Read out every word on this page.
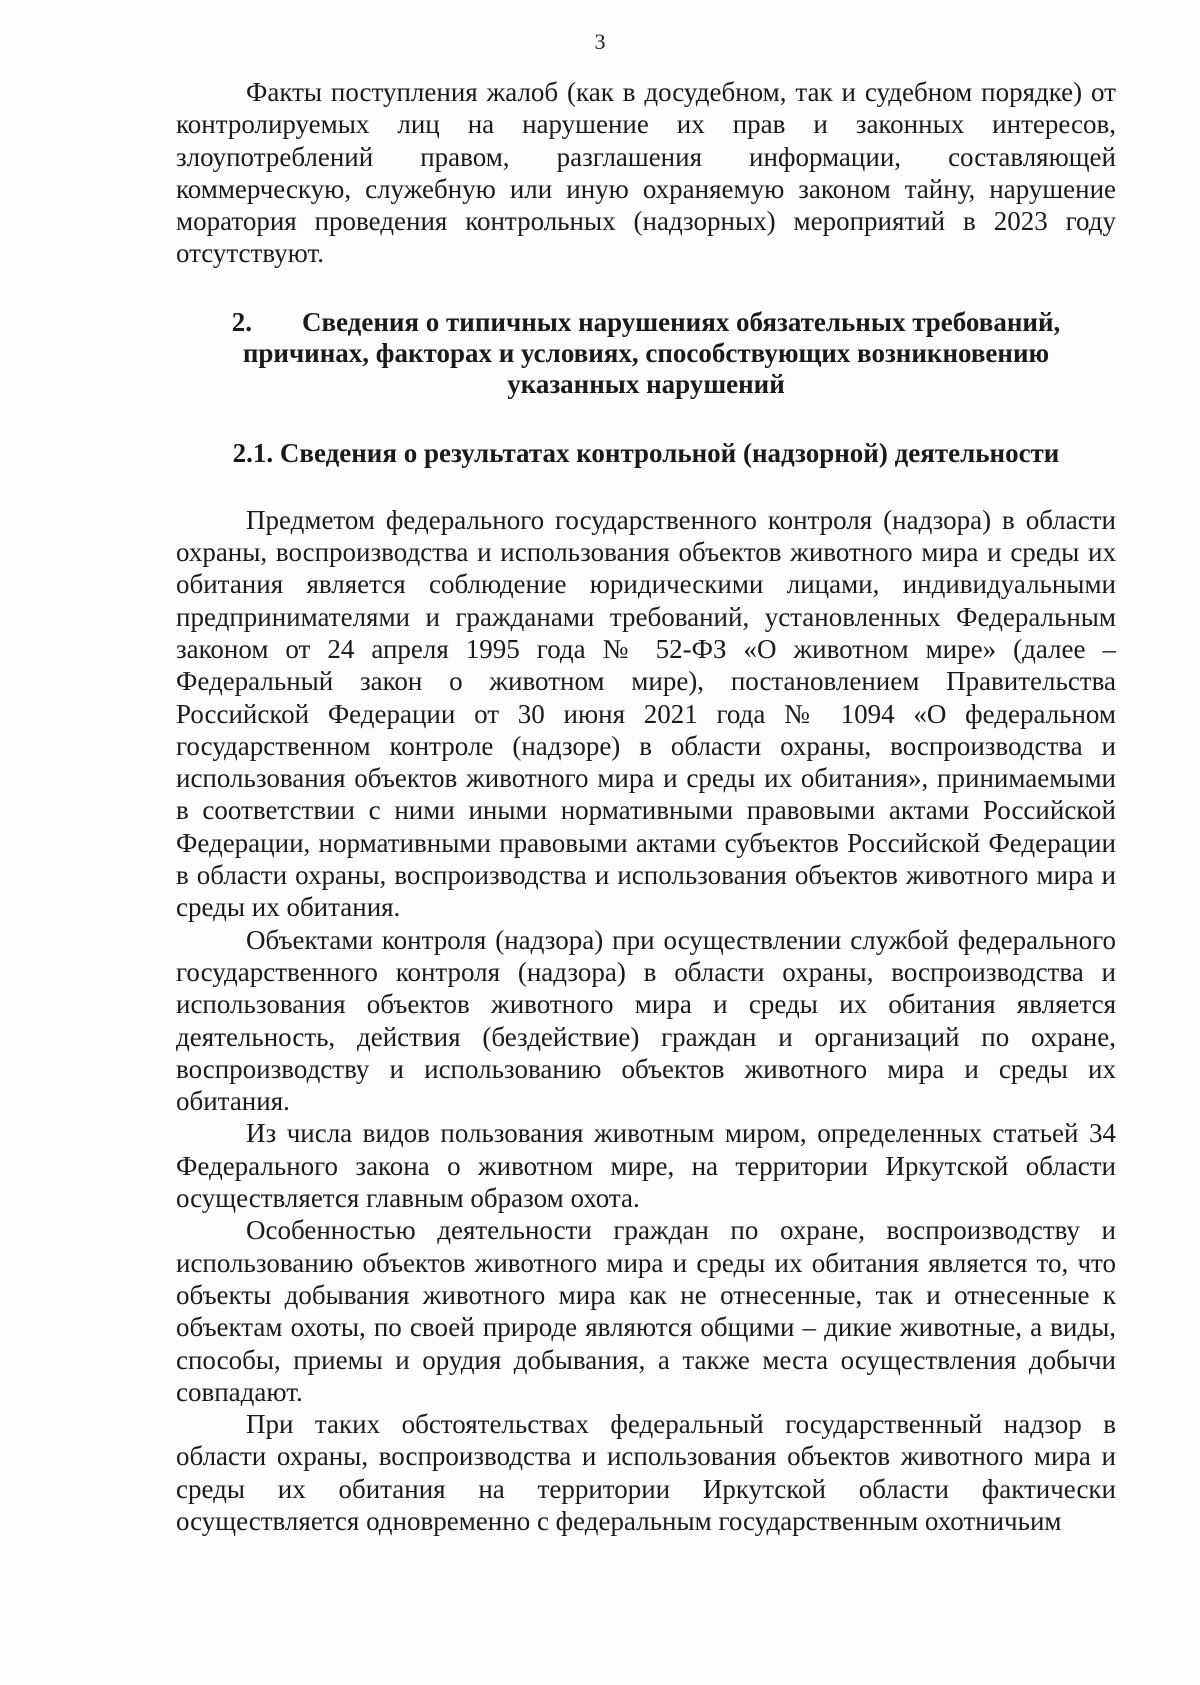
3

Факты поступления жалоб (как в досудебном, так и судебном порядке) от контролируемых лиц на нарушение их прав и законных интересов, злоупотреблений правом, разглашения информации, составляющей коммерческую, служебную или иную охраняемую законом тайну, нарушение моратория проведения контрольных (надзорных) мероприятий в 2023 году отсутствуют.

2. Сведения о типичных нарушениях обязательных требований, причинах, факторах и условиях, способствующих возникновению указанных нарушений
2.1. Сведения о результатах контрольной (надзорной) деятельности

Предметом федерального государственного контроля (надзора) в области охраны, воспроизводства и использования объектов животного мира и среды их обитания является соблюдение юридическими лицами, индивидуальными предпринимателями и гражданами требований, установленных Федеральным законом от 24 апреля 1995 года № 52-ФЗ «О животном мире» (далее – Федеральный закон о животном мире), постановлением Правительства Российской Федерации от 30 июня 2021 года № 1094 «О федеральном государственном контроле (надзоре) в области охраны, воспроизводства и использования объектов животного мира и среды их обитания», принимаемыми в соответствии с ними иными нормативными правовыми актами Российской Федерации, нормативными правовыми актами субъектов Российской Федерации в области охраны, воспроизводства и использования объектов животного мира и среды их обитания.

Объектами контроля (надзора) при осуществлении службой федерального государственного контроля (надзора) в области охраны, воспроизводства и использования объектов животного мира и среды их обитания является деятельность, действия (бездействие) граждан и организаций по охране, воспроизводству и использованию объектов животного мира и среды их обитания.

Из числа видов пользования животным миром, определенных статьей 34 Федерального закона о животном мире, на территории Иркутской области осуществляется главным образом охота.

Особенностью деятельности граждан по охране, воспроизводству и использованию объектов животного мира и среды их обитания является то, что объекты добывания животного мира как не отнесенные, так и отнесенные к объектам охоты, по своей природе являются общими – дикие животные, а виды, способы, приемы и орудия добывания, а также места осуществления добычи совпадают.

При таких обстоятельствах федеральный государственный надзор в области охраны, воспроизводства и использования объектов животного мира и среды их обитания на территории Иркутской области фактически осуществляется одновременно с федеральным государственным охотничьим
